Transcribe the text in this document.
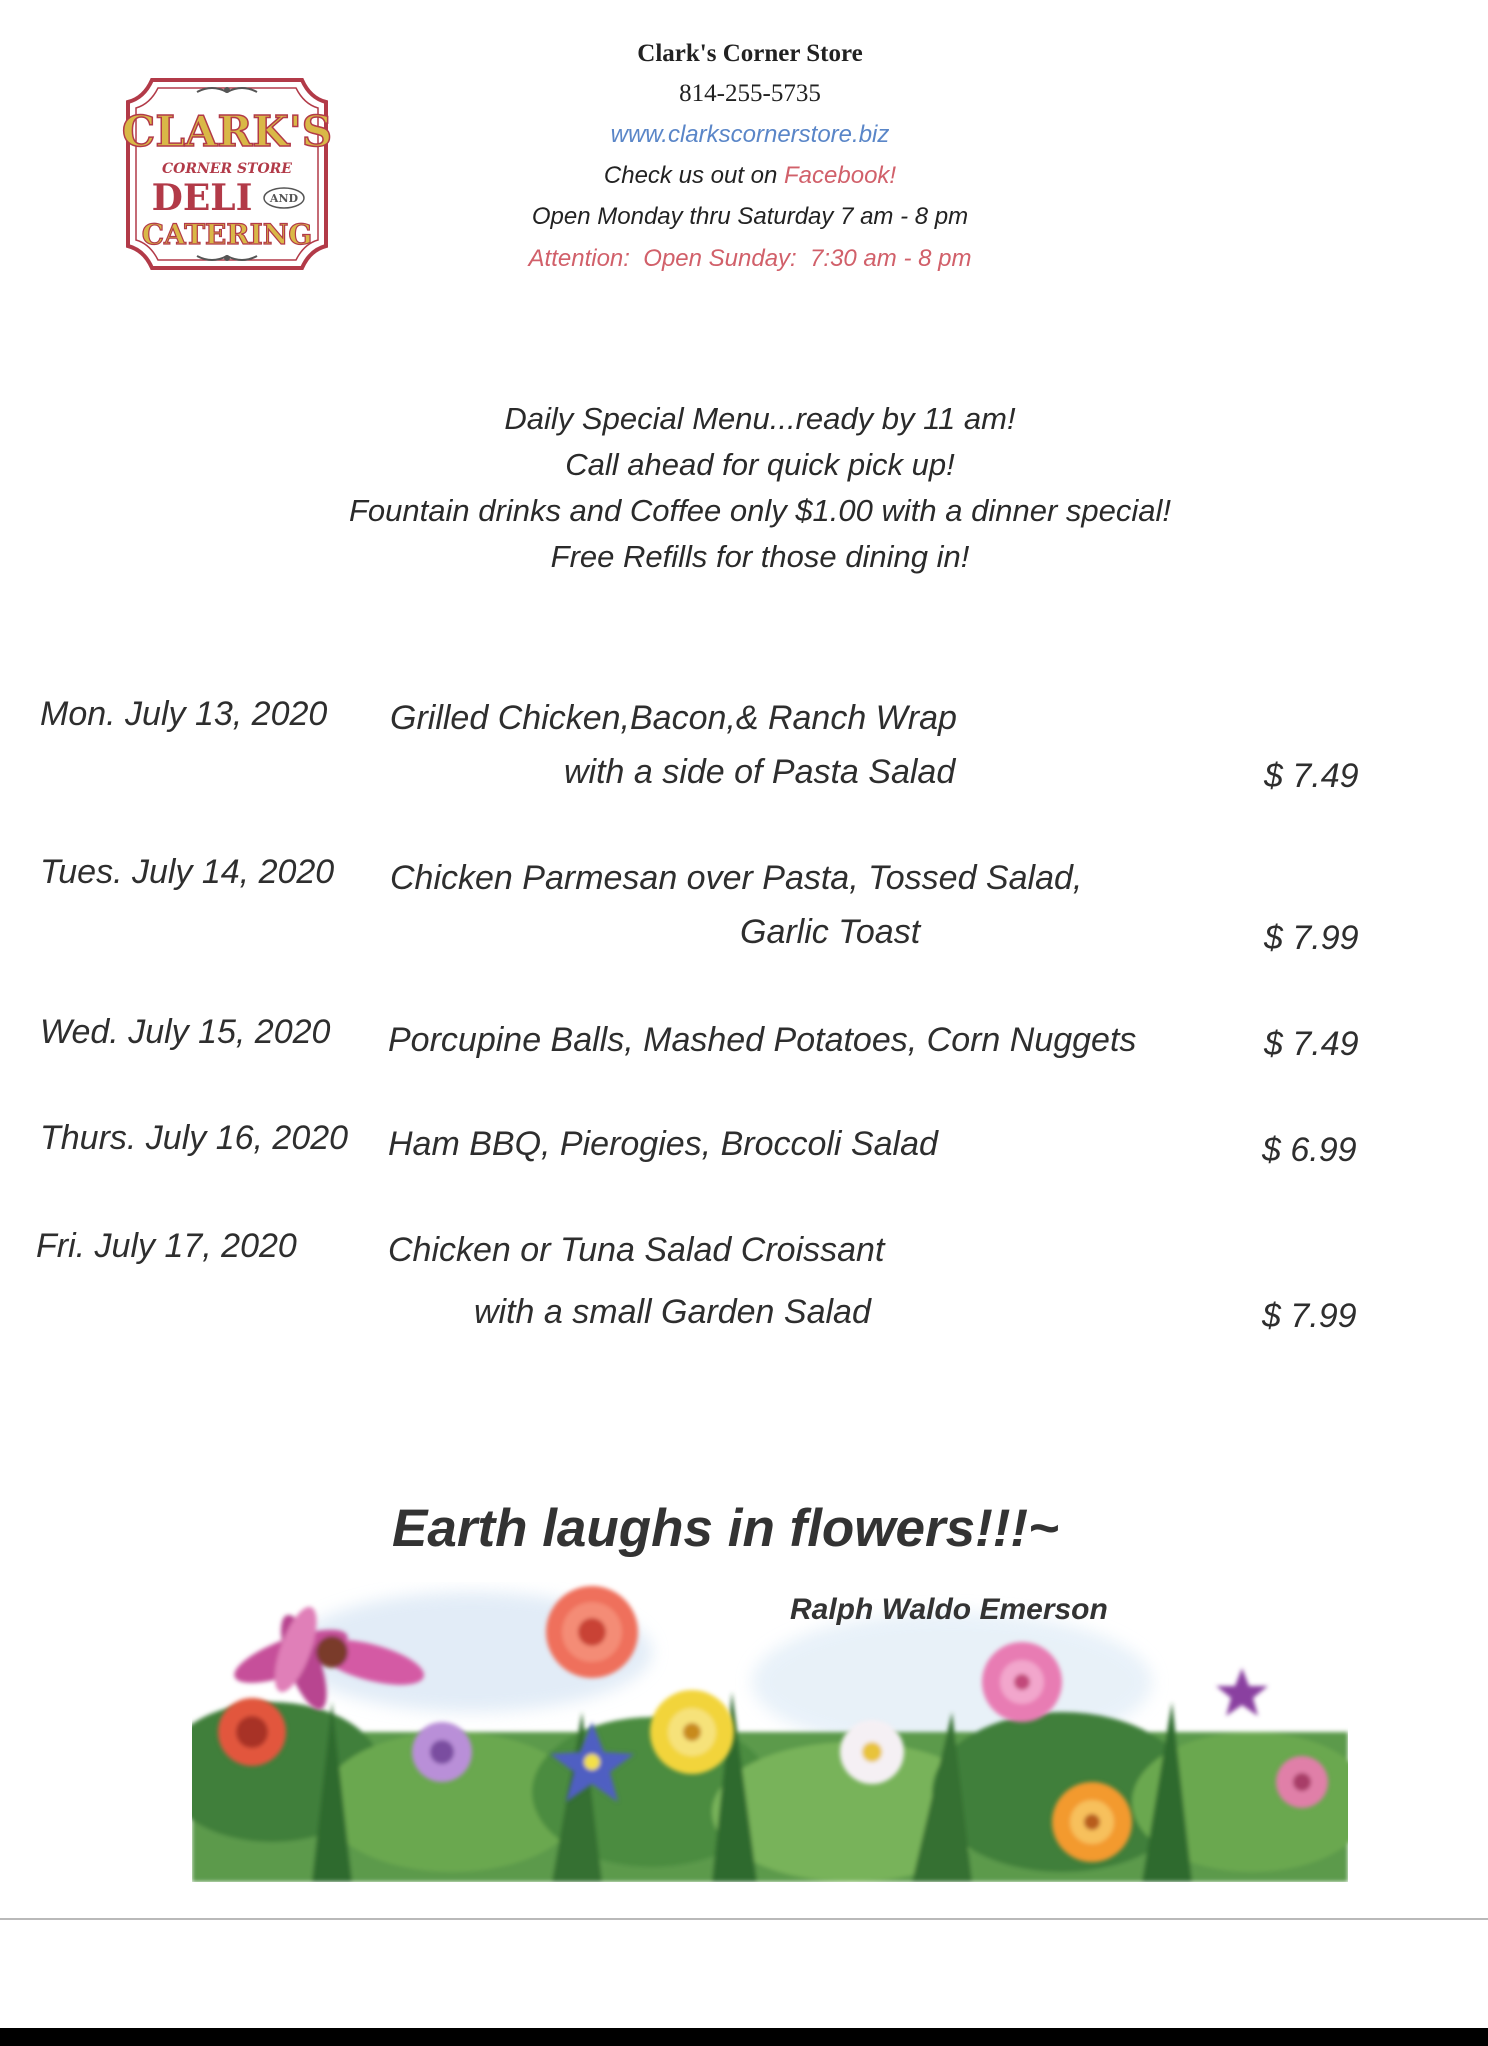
CLARK'S
CORNER STORE
DELI AND
CATERING
Clark's Corner Store
814-255-5735
www.clarkscornerstore.biz
Check us out on Facebook!
Open Monday thru Saturday 7 am - 8 pm
Attention:  Open Sunday:  7:30 am - 8 pm
Daily Special Menu...ready by 11 am!
Call ahead for quick pick up!
Fountain drinks and Coffee only $1.00 with a dinner special!
Free Refills for those dining in!
Mon. July 13, 2020 Grilled Chicken,Bacon,& Ranch Wrap
with a side of Pasta Salad	$ 7.49
Tues. July 14, 2020 Chicken Parmesan over Pasta, Tossed Salad,
Garlic Toast	$ 7.99
Wed. July 15, 2020 Porcupine Balls, Mashed Potatoes, Corn Nuggets	$ 7.49
Thurs. July 16, 2020 Ham BBQ, Pierogies, Broccoli Salad	$ 6.99
Fri. July 17, 2020	Chicken or Tuna Salad Croissant
with a small Garden Salad	$ 7.99
Earth laughs in flowers!!!~
Ralph Waldo Emerson
